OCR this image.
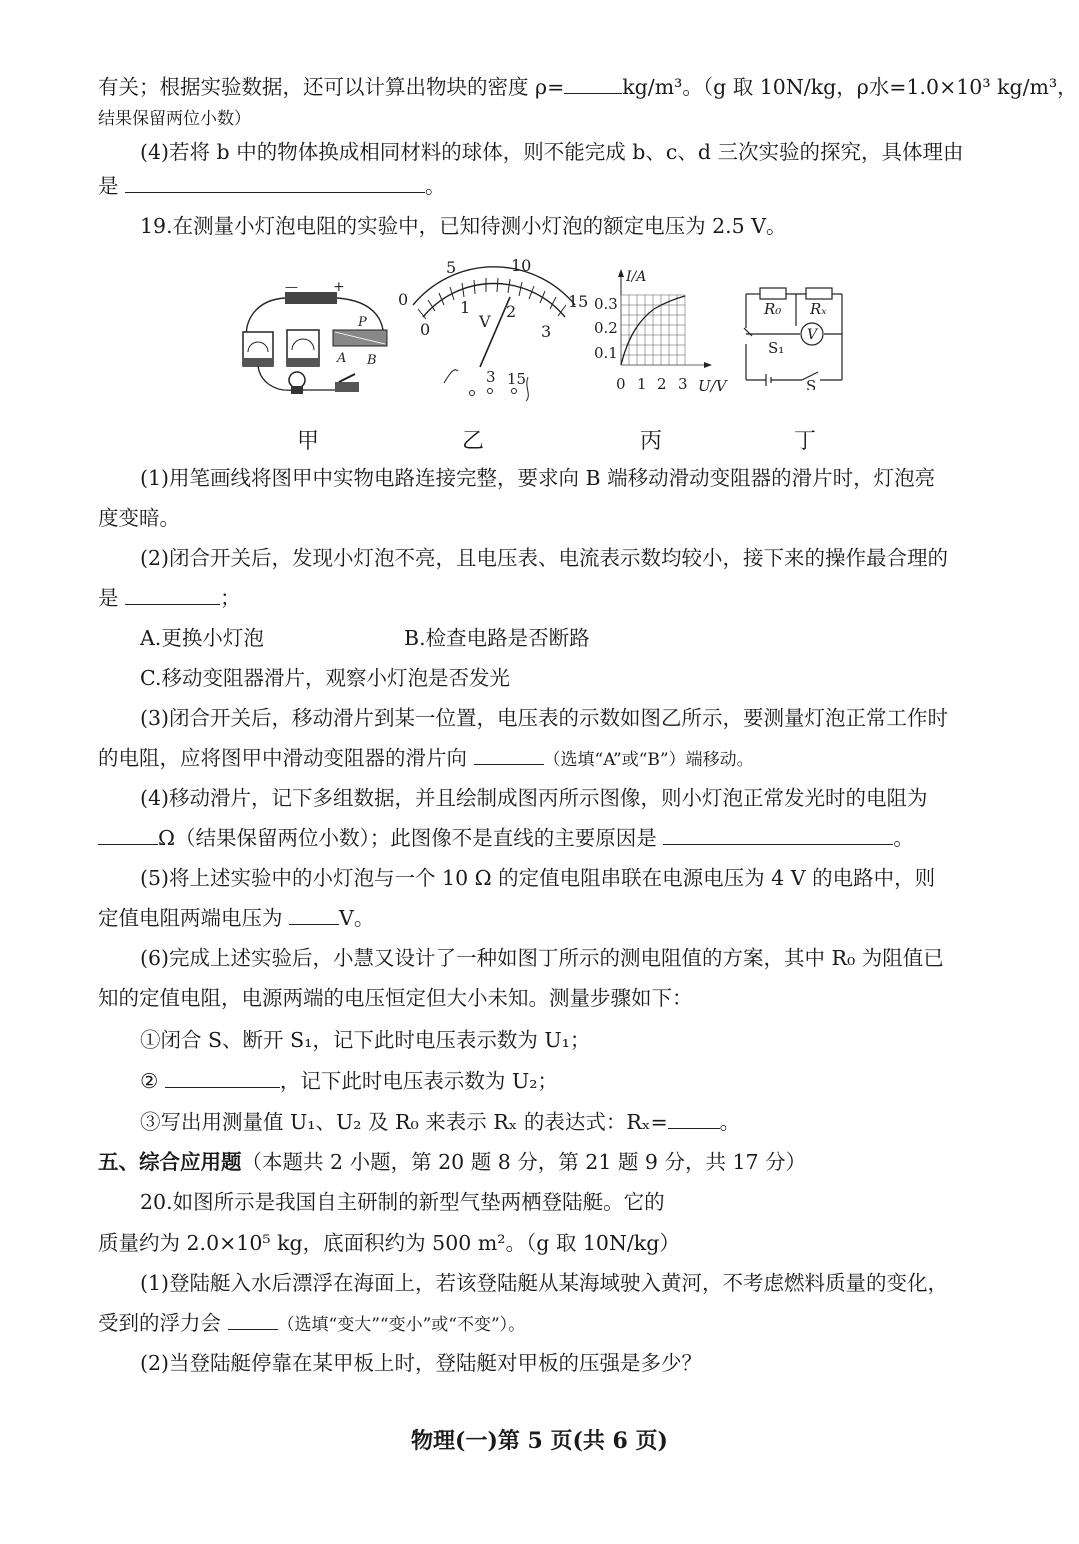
有关；根据实验数据，还可以计算出物块的密度 ρ=	kg/m³。（g 取 10N/kg，ρ水=1.0×10³ kg/m³，
结果保留两位小数）
(4)若将 b 中的物体换成相同材料的球体，则不能完成 b、c、d 三次实验的探究，具体理由
是	。
19.在测量小灯泡电阻的实验中，已知待测小灯泡的额定电压为 2.5 V。
—	+
P
A B
0
5	10
15
0
1 2
3
V
3 15
I/A
0.3
0.2
0.1
0 1 2 3 U/V
V
R₀ Rₓ
S₁
S
甲	乙	丙	丁
(1)用笔画线将图甲中实物电路连接完整，要求向 B 端移动滑动变阻器的滑片时，灯泡亮
度变暗。
(2)闭合开关后，发现小灯泡不亮，且电压表、电流表示数均较小，接下来的操作最合理的
是	；
A.更换小灯泡	B.检查电路是否断路
C.移动变阻器滑片，观察小灯泡是否发光
(3)闭合开关后，移动滑片到某一位置，电压表的示数如图乙所示，要测量灯泡正常工作时
的电阻，应将图甲中滑动变阻器的滑片向	（选填“A”或“B”）端移动。
(4)移动滑片，记下多组数据，并且绘制成图丙所示图像，则小灯泡正常发光时的电阻为
Ω（结果保留两位小数）；此图像不是直线的主要原因是	。
(5)将上述实验中的小灯泡与一个 10 Ω 的定值电阻串联在电源电压为 4 V 的电路中，则
定值电阻两端电压为	V。
(6)完成上述实验后，小慧又设计了一种如图丁所示的测电阻值的方案，其中 R₀ 为阻值已
知的定值电阻，电源两端的电压恒定但大小未知。测量步骤如下：
①闭合 S、断开 S₁，记下此时电压表示数为 U₁；
②	，记下此时电压表示数为 U₂；
③写出用测量值 U₁、U₂ 及 R₀ 来表示 Rₓ 的表达式：Rₓ=	。
五、综合应用题（本题共 2 小题，第 20 题 8 分，第 21 题 9 分，共 17 分）
20.如图所示是我国自主研制的新型气垫两栖登陆艇。它的
质量约为 2.0×10⁵ kg，底面积约为 500 m²。（g 取 10N/kg）
(1)登陆艇入水后漂浮在海面上，若该登陆艇从某海域驶入黄河，不考虑燃料质量的变化，
受到的浮力会	（选填“变大”“变小”或“不变”）。
(2)当登陆艇停靠在某甲板上时，登陆艇对甲板的压强是多少？
物理(一)第 5 页(共 6 页)
